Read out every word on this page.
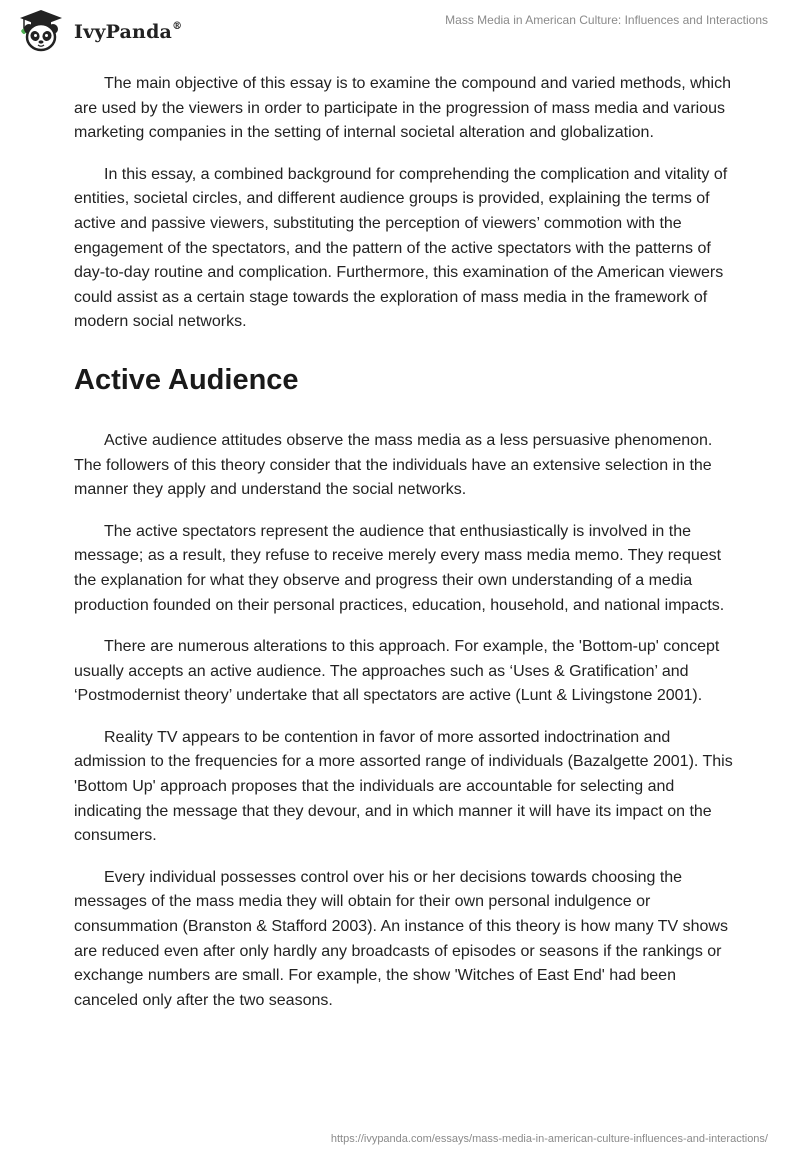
IvyPanda®	Mass Media in American Culture: Influences and Interactions

The main objective of this essay is to examine the compound and varied methods, which are used by the viewers in order to participate in the progression of mass media and various marketing companies in the setting of internal societal alteration and globalization.

In this essay, a combined background for comprehending the complication and vitality of entities, societal circles, and different audience groups is provided, explaining the terms of active and passive viewers, substituting the perception of viewers’ commotion with the engagement of the spectators, and the pattern of the active spectators with the patterns of day-to-day routine and complication. Furthermore, this examination of the American viewers could assist as a certain stage towards the exploration of mass media in the framework of modern social networks.

Active Audience

Active audience attitudes observe the mass media as a less persuasive phenomenon. The followers of this theory consider that the individuals have an extensive selection in the manner they apply and understand the social networks.

The active spectators represent the audience that enthusiastically is involved in the message; as a result, they refuse to receive merely every mass media memo. They request the explanation for what they observe and progress their own understanding of a media production founded on their personal practices, education, household, and national impacts.

There are numerous alterations to this approach. For example, the 'Bottom-up' concept usually accepts an active audience. The approaches such as ‘Uses & Gratification’ and ‘Postmodernist theory’ undertake that all spectators are active (Lunt & Livingstone 2001).

Reality TV appears to be contention in favor of more assorted indoctrination and admission to the frequencies for a more assorted range of individuals (Bazalgette 2001). This 'Bottom Up' approach proposes that the individuals are accountable for selecting and indicating the message that they devour, and in which manner it will have its impact on the consumers.

Every individual possesses control over his or her decisions towards choosing the messages of the mass media they will obtain for their own personal indulgence or consummation (Branston & Stafford 2003). An instance of this theory is how many TV shows are reduced even after only hardly any broadcasts of episodes or seasons if the rankings or exchange numbers are small. For example, the show 'Witches of East End' had been canceled only after the two seasons.

https://ivypanda.com/essays/mass-media-in-american-culture-influences-and-interactions/
